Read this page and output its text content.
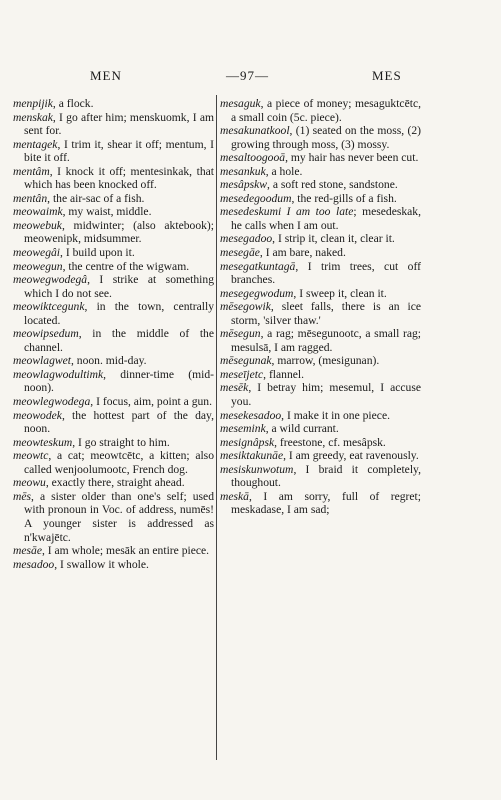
MEN	—97—	MES

menpijik, a flock.

menskak, I go after him; menskuomk, I am sent for.

mentagek, I trim it, shear it off; mentum, I bite it off.

mentâm, I knock it off; mentesinkak, that which has been knocked off.

mentân, the air-sac of a fish.

meowaimk, my waist, middle.

meowebuk, midwinter; (also aktebook); meowenipk, midsummer.

meowegâi, I build upon it.

meowegun, the centre of the wigwam.

meowegwodegâ, I strike at something which I do not see.

meowiktcegunk, in the town, centrally located.

meowipsedum, in the middle of the channel.

meowlagwet, noon. mid-day.

meowlagwodultimk, dinner-time (mid-noon).

meowlegwodega, I focus, aim, point a gun.

meowodek, the hottest part of the day, noon.

meowteskum, I go straight to him.

meowtc, a cat; meowtcētc, a kitten; also called wenjoolumootc, French dog.

meowu, exactly there, straight ahead.

mēs, a sister older than one's self; used with pronoun in Voc. of address, numēs! A younger sister is addressed as n'kwajētc.

mesāe, I am whole; mesāk an entire piece.

mesadoo, I swallow it whole.

mesaguk, a piece of money; mesaguktcētc, a small coin (5c. piece).

mesakunatkool, (1) seated on the moss, (2) growing through moss, (3) mossy.

mesaltoogooā, my hair has never been cut.

mesankuk, a hole.

mesâpskw, a soft red stone, sandstone.

mesedegoodum, the red-gills of a fish.

mesedeskumi I am too late; mesedeskak, he calls when I am out.

mesegadoo, I strip it, clean it, clear it.

mesegāe, I am bare, naked.

mesegatkuntagā, I trim trees, cut off branches.

mesegegwodum, I sweep it, clean it.

mēsegowik, sleet falls, there is an ice storm, 'silver thaw.'

mēsegun, a rag; mēsegunootc, a small rag; mesulsā, I am ragged.

mēsegunak, marrow, (mesigunan).

meseījetc, flannel.

mesēk, I betray him; mesemul, I accuse you.

mesekesadoo, I make it in one piece.

mesemink, a wild currant.

mesignâpsk, freestone, cf. mesâpsk.

mesiktakunāe, I am greedy, eat ravenously.

mesiskunwotum, I braid it completely, thoughout.

meskā, I am sorry, full of regret; meskadase, I am sad;
